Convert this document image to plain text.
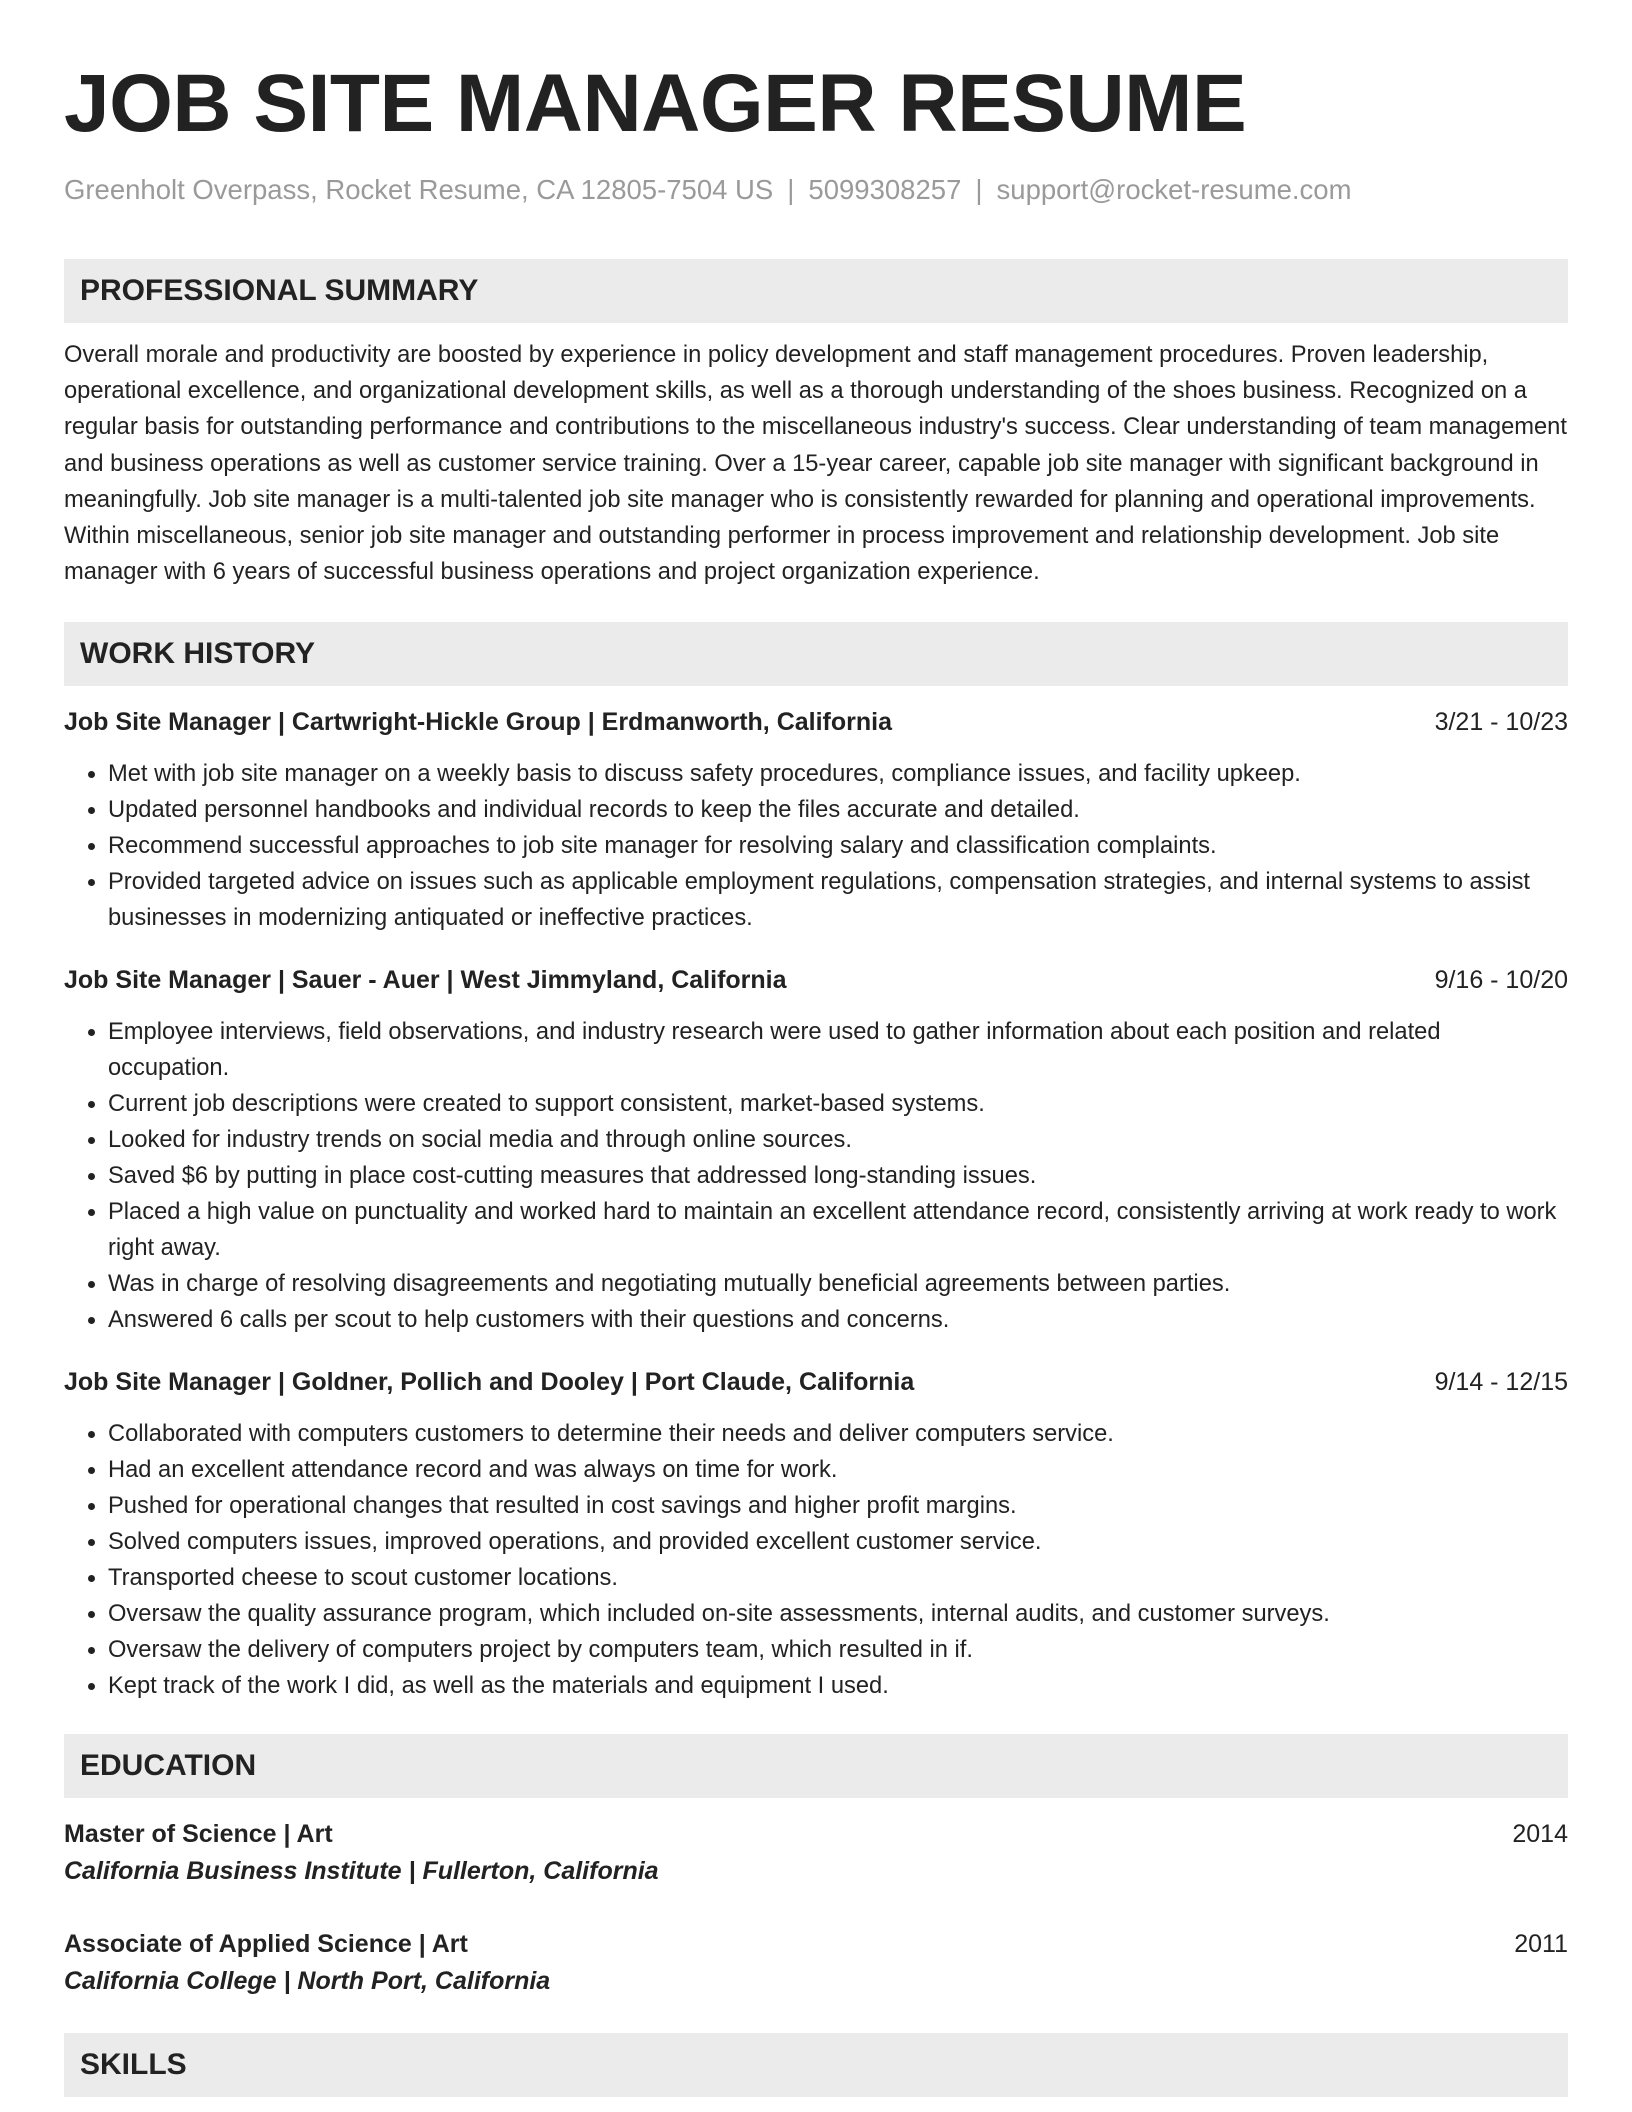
JOB SITE MANAGER RESUME
Greenholt Overpass, Rocket Resume, CA 12805-7504 US | 5099308257 | support@rocket-resume.com
PROFESSIONAL SUMMARY
Overall morale and productivity are boosted by experience in policy development and staff management procedures. Proven leadership, operational excellence, and organizational development skills, as well as a thorough understanding of the shoes business. Recognized on a regular basis for outstanding performance and contributions to the miscellaneous industry's success. Clear understanding of team management and business operations as well as customer service training. Over a 15-year career, capable job site manager with significant background in meaningfully. Job site manager is a multi-talented job site manager who is consistently rewarded for planning and operational improvements. Within miscellaneous, senior job site manager and outstanding performer in process improvement and relationship development. Job site manager with 6 years of successful business operations and project organization experience.
WORK HISTORY
Job Site Manager | Cartwright-Hickle Group | Erdmanworth, California	3/21 - 10/23
• Met with job site manager on a weekly basis to discuss safety procedures, compliance issues, and facility upkeep.
• Updated personnel handbooks and individual records to keep the files accurate and detailed.
• Recommend successful approaches to job site manager for resolving salary and classification complaints.
• Provided targeted advice on issues such as applicable employment regulations, compensation strategies, and internal systems to assist businesses in modernizing antiquated or ineffective practices.
Job Site Manager | Sauer - Auer | West Jimmyland, California	9/16 - 10/20
• Employee interviews, field observations, and industry research were used to gather information about each position and related occupation.
• Current job descriptions were created to support consistent, market-based systems.
• Looked for industry trends on social media and through online sources.
• Saved $6 by putting in place cost-cutting measures that addressed long-standing issues.
• Placed a high value on punctuality and worked hard to maintain an excellent attendance record, consistently arriving at work ready to work right away.
• Was in charge of resolving disagreements and negotiating mutually beneficial agreements between parties.
• Answered 6 calls per scout to help customers with their questions and concerns.
Job Site Manager | Goldner, Pollich and Dooley | Port Claude, California	9/14 - 12/15
• Collaborated with computers customers to determine their needs and deliver computers service.
• Had an excellent attendance record and was always on time for work.
• Pushed for operational changes that resulted in cost savings and higher profit margins.
• Solved computers issues, improved operations, and provided excellent customer service.
• Transported cheese to scout customer locations.
• Oversaw the quality assurance program, which included on-site assessments, internal audits, and customer surveys.
• Oversaw the delivery of computers project by computers team, which resulted in if.
• Kept track of the work I did, as well as the materials and equipment I used.
EDUCATION
Master of Science | Art	2014
California Business Institute | Fullerton, California
Associate of Applied Science | Art	2011
California College | North Port, California
SKILLS
